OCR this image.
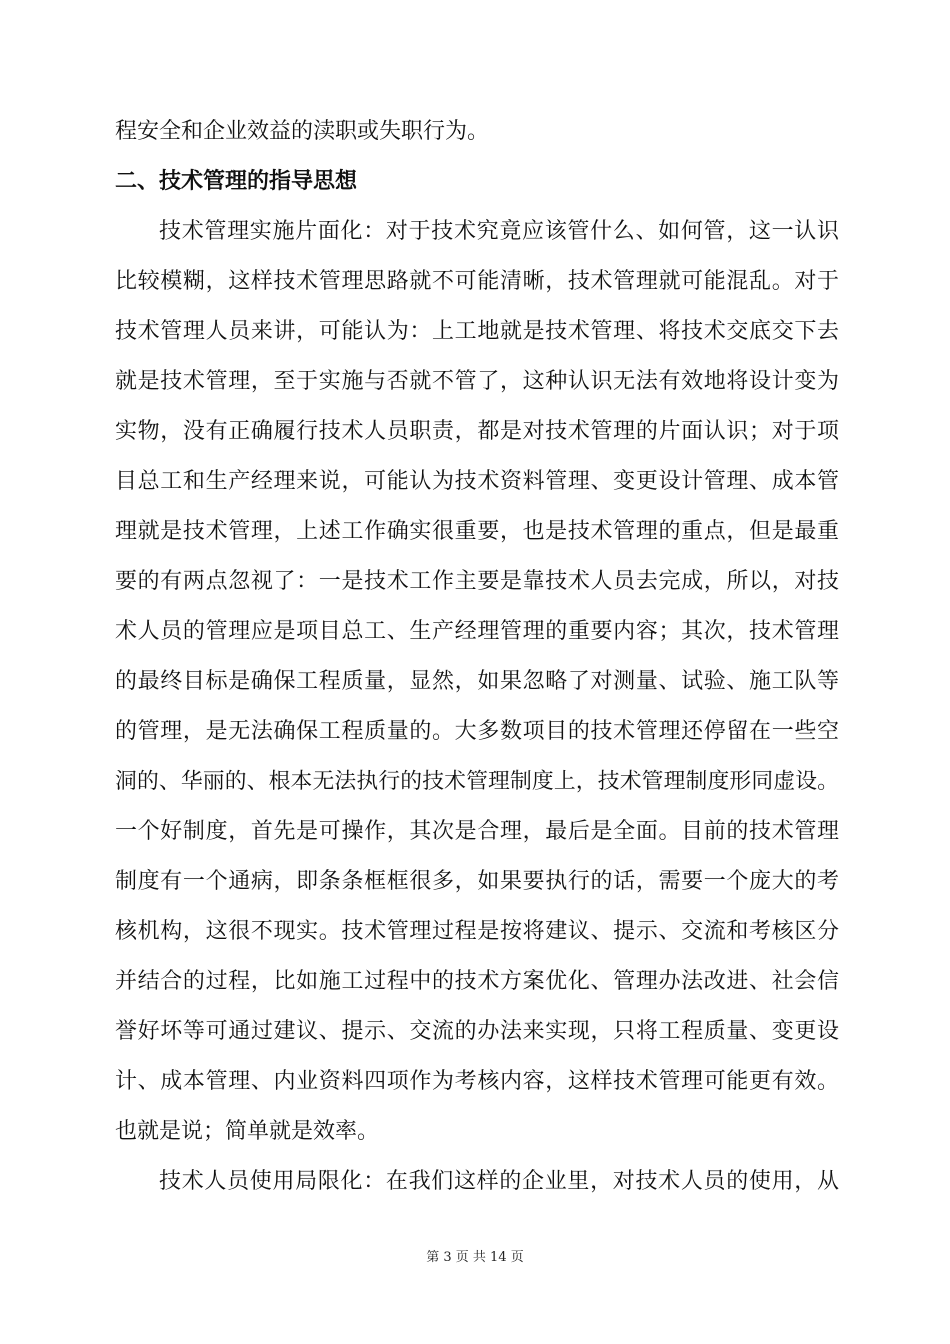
程安全和企业效益的渎职或失职行为。
二、技术管理的指导思想
技术管理实施片面化：对于技术究竟应该管什么、如何管，这一认识
比较模糊，这样技术管理思路就不可能清晰，技术管理就可能混乱。对于
技术管理人员来讲，可能认为：上工地就是技术管理、将技术交底交下去
就是技术管理，至于实施与否就不管了，这种认识无法有效地将设计变为
实物，没有正确履行技术人员职责，都是对技术管理的片面认识；对于项
目总工和生产经理来说，可能认为技术资料管理、变更设计管理、成本管
理就是技术管理，上述工作确实很重要，也是技术管理的重点，但是最重
要的有两点忽视了：一是技术工作主要是靠技术人员去完成，所以，对技
术人员的管理应是项目总工、生产经理管理的重要内容；其次，技术管理
的最终目标是确保工程质量，显然，如果忽略了对测量、试验、施工队等
的管理，是无法确保工程质量的。大多数项目的技术管理还停留在一些空
洞的、华丽的、根本无法执行的技术管理制度上，技术管理制度形同虚设。
一个好制度，首先是可操作，其次是合理，最后是全面。目前的技术管理
制度有一个通病，即条条框框很多，如果要执行的话，需要一个庞大的考
核机构，这很不现实。技术管理过程是按将建议、提示、交流和考核区分
并结合的过程，比如施工过程中的技术方案优化、管理办法改进、社会信
誉好坏等可通过建议、提示、交流的办法来实现，只将工程质量、变更设
计、成本管理、内业资料四项作为考核内容，这样技术管理可能更有效。
也就是说；简单就是效率。
技术人员使用局限化：在我们这样的企业里，对技术人员的使用，从
第 3 页 共 14 页
